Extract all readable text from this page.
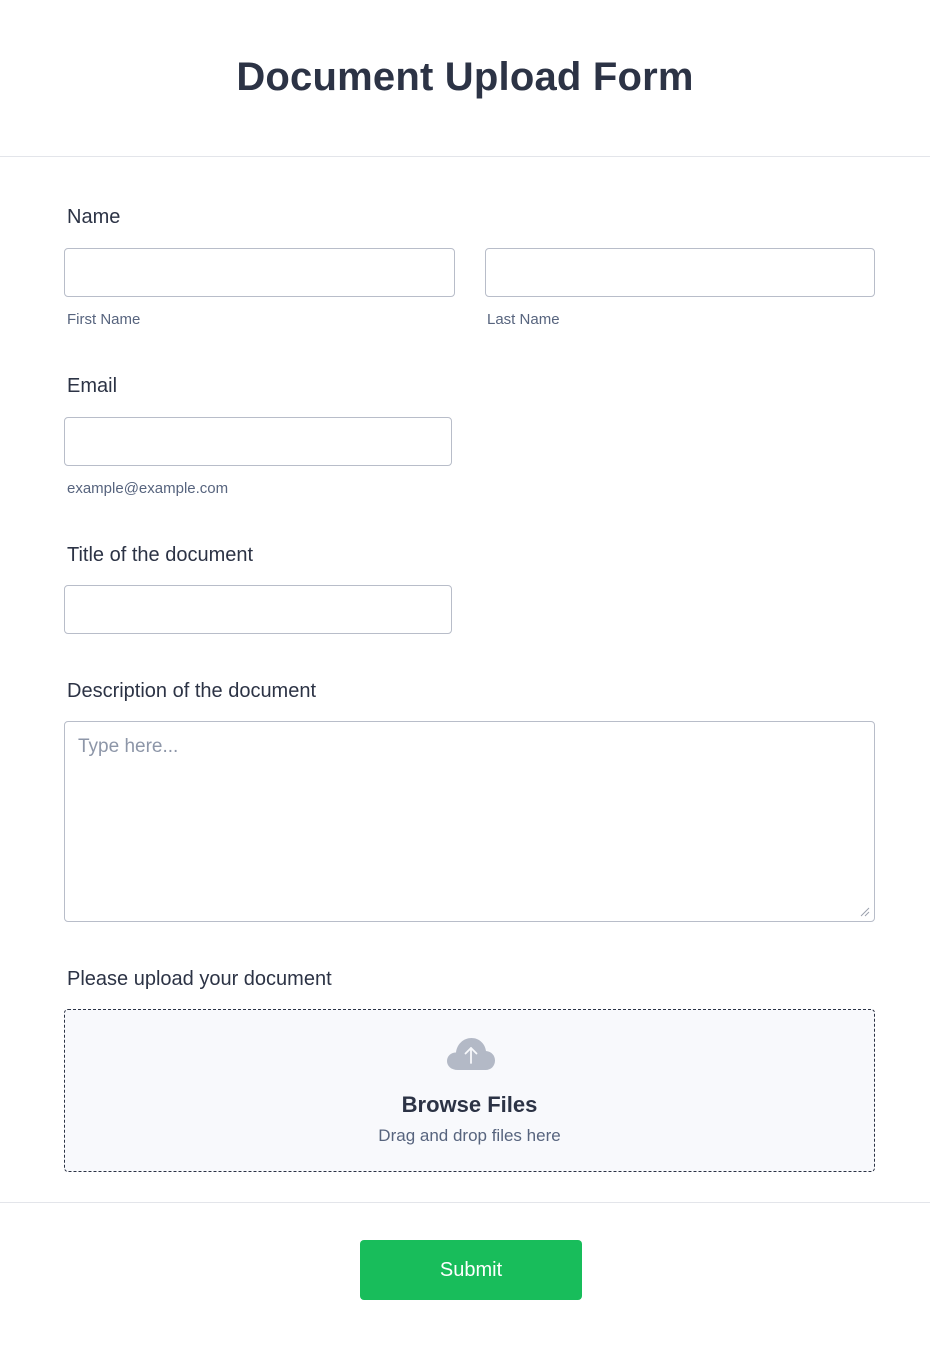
Document Upload Form
Name
First Name	Last Name
Email
example@example.com
Title of the document
Description of the document
Type here...
Please upload your document
Browse Files
Drag and drop files here
Submit
